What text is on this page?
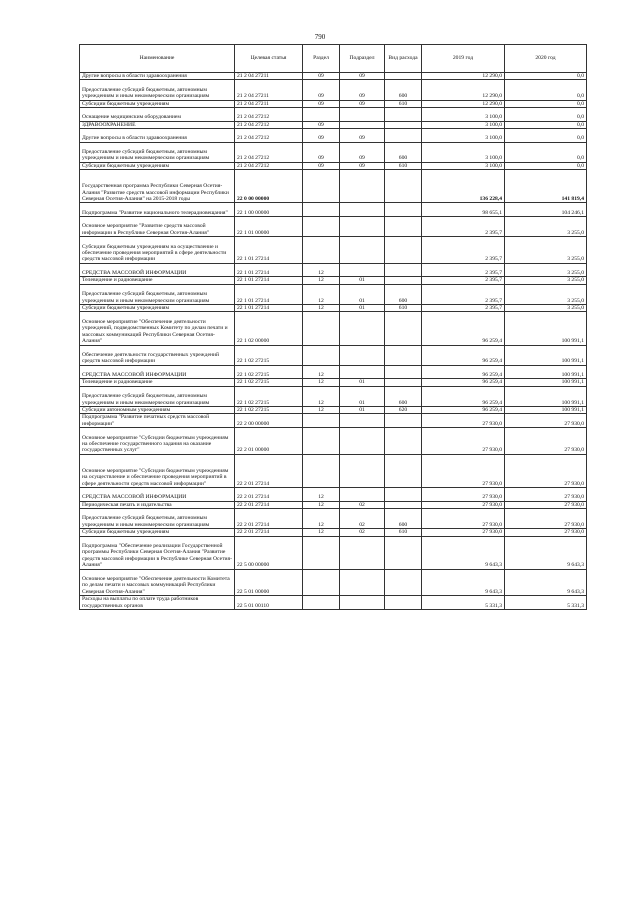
790
Наименование	Целевая статья	Раздел	Подраздел	Вид расхода	2019 год	2020 год
Другие вопросы в области здравоохранения	21 2 04 27211	09	09		12 290,0	0,0
Предоставление субсидий бюджетным, автономным учреждениям и иным некоммерческим организациям	21 2 04 27211	09	09	600	12 290,0	0,0
Субсидии бюджетным учреждениям	21 2 04 27211	09	09	610	12 290,0	0,0
Оснащение медицинским оборудованием	21 2 04 27212				3 100,0	0,0
ЗДРАВООХРАНЕНИЕ	21 2 04 27212	09			3 100,0	0,0
Другие вопросы в области здравоохранения	21 2 04 27212	09	09		3 100,0	0,0
Предоставление субсидий бюджетным, автономным учреждениям и иным некоммерческим организациям	21 2 04 27212	09	09	600	3 100,0	0,0
Субсидии бюджетным учреждениям	21 2 04 27212	09	09	610	3 100,0	0,0
Государственная программа Республики Северная Осетия-Алания "Развитие средств массовой информации Республики Северная Осетия-Алания" на 2015-2018 годы	22 0 00 00000				136 228,4	141 819,4
Подпрограмма "Развитие национального телерадиовещания"	22 1 00 00000				98 655,1	104 246,1
Основное мероприятие "Развитие средств массовой информации в Республике Северная Осетия-Алания"	22 1 01 00000				2 395,7	3 255,0
Субсидии бюджетным учреждениям на осуществление и обеспечение проведения мероприятий в сфере деятельности средств массовой информации	22 1 01 27214				2 395,7	3 255,0
СРЕДСТВА МАССОВОЙ ИНФОРМАЦИИ	22 1 01 27214	12			2 395,7	3 255,0
Телевидение и радиовещание	22 1 01 27214	12	01		2 395,7	3 255,0
Предоставление субсидий бюджетным, автономным учреждениям и иным некоммерческим организациям	22 1 01 27214	12	01	600	2 395,7	3 255,0
Субсидии бюджетным учреждениям	22 1 01 27214	12	01	610	2 395,7	3 255,0
Основное мероприятие "Обеспечение деятельности учреждений, подведомственных Комитету по делам печати и массовых коммуникаций Республики Северная Осетия-Алания"	22 1 02 00000				96 259,4	100 991,1
Обеспечение деятельности государственных учреждений средств массовой информации	22 1 02 27215				96 259,4	100 991,1
СРЕДСТВА МАССОВОЙ ИНФОРМАЦИИ	22 1 02 27215	12			96 259,4	100 991,1
Телевидение и радиовещание	22 1 02 27215	12	01		96 259,4	100 991,1
Предоставление субсидий бюджетным, автономным учреждениям и иным некоммерческим организациям	22 1 02 27215	12	01	600	96 259,4	100 991,1
Субсидии автономным учреждениям	22 1 02 27215	12	01	620	96 259,4	100 991,1
Подпрограмма "Развитие печатных средств массовой информации"	22 2 00 00000				27 930,0	27 930,0
Основное мероприятие "Субсидии бюджетным учреждениям на обеспечение государственного задания на оказание государственных услуг"	22 2 01 00000				27 930,0	27 930,0
Основное мероприятие "Субсидии бюджетным учреждениям на осуществление и обеспечение проведения мероприятий в сфере деятельности средств массовой информации"	22 2 01 27214				27 930,0	27 930,0
СРЕДСТВА МАССОВОЙ ИНФОРМАЦИИ	22 2 01 27214	12			27 930,0	27 930,0
Периодическая печать и издательства	22 2 01 27214	12	02		27 930,0	27 930,0
Предоставление субсидий бюджетным, автономным учреждениям и иным некоммерческим организациям	22 2 01 27214	12	02	600	27 930,0	27 930,0
Субсидии бюджетным учреждениям	22 2 01 27214	12	02	610	27 930,0	27 930,0
Подпрограмма "Обеспечение реализации Государственной программы Республики Северная Осетия-Алания "Развитие средств массовой информации в Республике Северная Осетия-Алания"	22 5 00 00000				9 643,3	9 643,3
Основное мероприятие "Обеспечение деятельности Комитета по делам печати и массовых коммуникаций Республики Северная Осетия-Алания"	22 5 01 00000				9 643,3	9 643,3
Расходы на выплаты по оплате труда работников государственных органов	22 5 01 00110				5 331,3	5 331,3
